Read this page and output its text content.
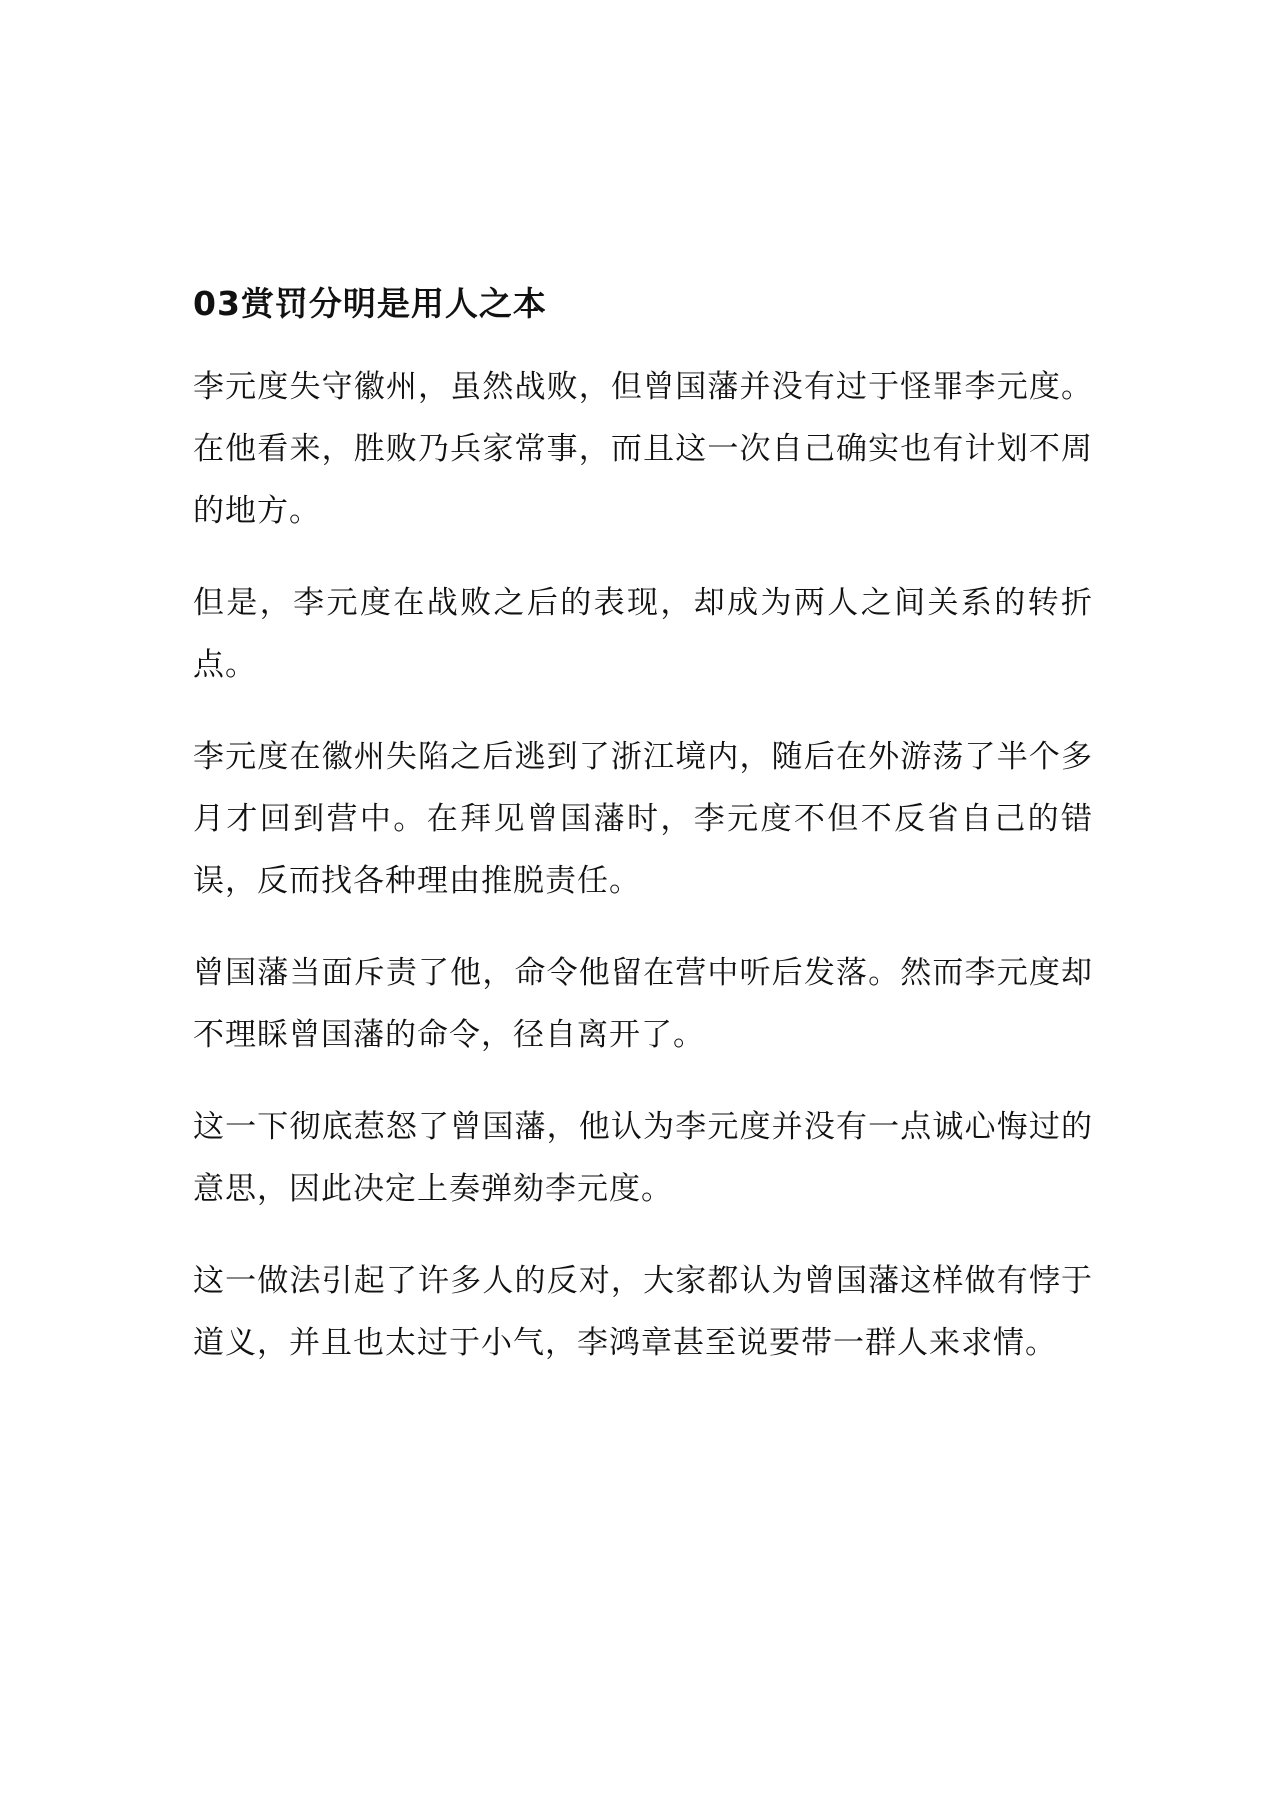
03赏罚分明是用人之本

李元度失守徽州，虽然战败，但曾国藩并没有过于怪罪李元度。在他看来，胜败乃兵家常事，而且这一次自己确实也有计划不周的地方。

但是，李元度在战败之后的表现，却成为两人之间关系的转折点。

李元度在徽州失陷之后逃到了浙江境内，随后在外游荡了半个多月才回到营中。在拜见曾国藩时，李元度不但不反省自己的错误，反而找各种理由推脱责任。

曾国藩当面斥责了他，命令他留在营中听后发落。然而李元度却不理睬曾国藩的命令，径自离开了。

这一下彻底惹怒了曾国藩，他认为李元度并没有一点诚心悔过的意思，因此决定上奏弹劾李元度。

这一做法引起了许多人的反对，大家都认为曾国藩这样做有悖于道义，并且也太过于小气，李鸿章甚至说要带一群人来求情。
